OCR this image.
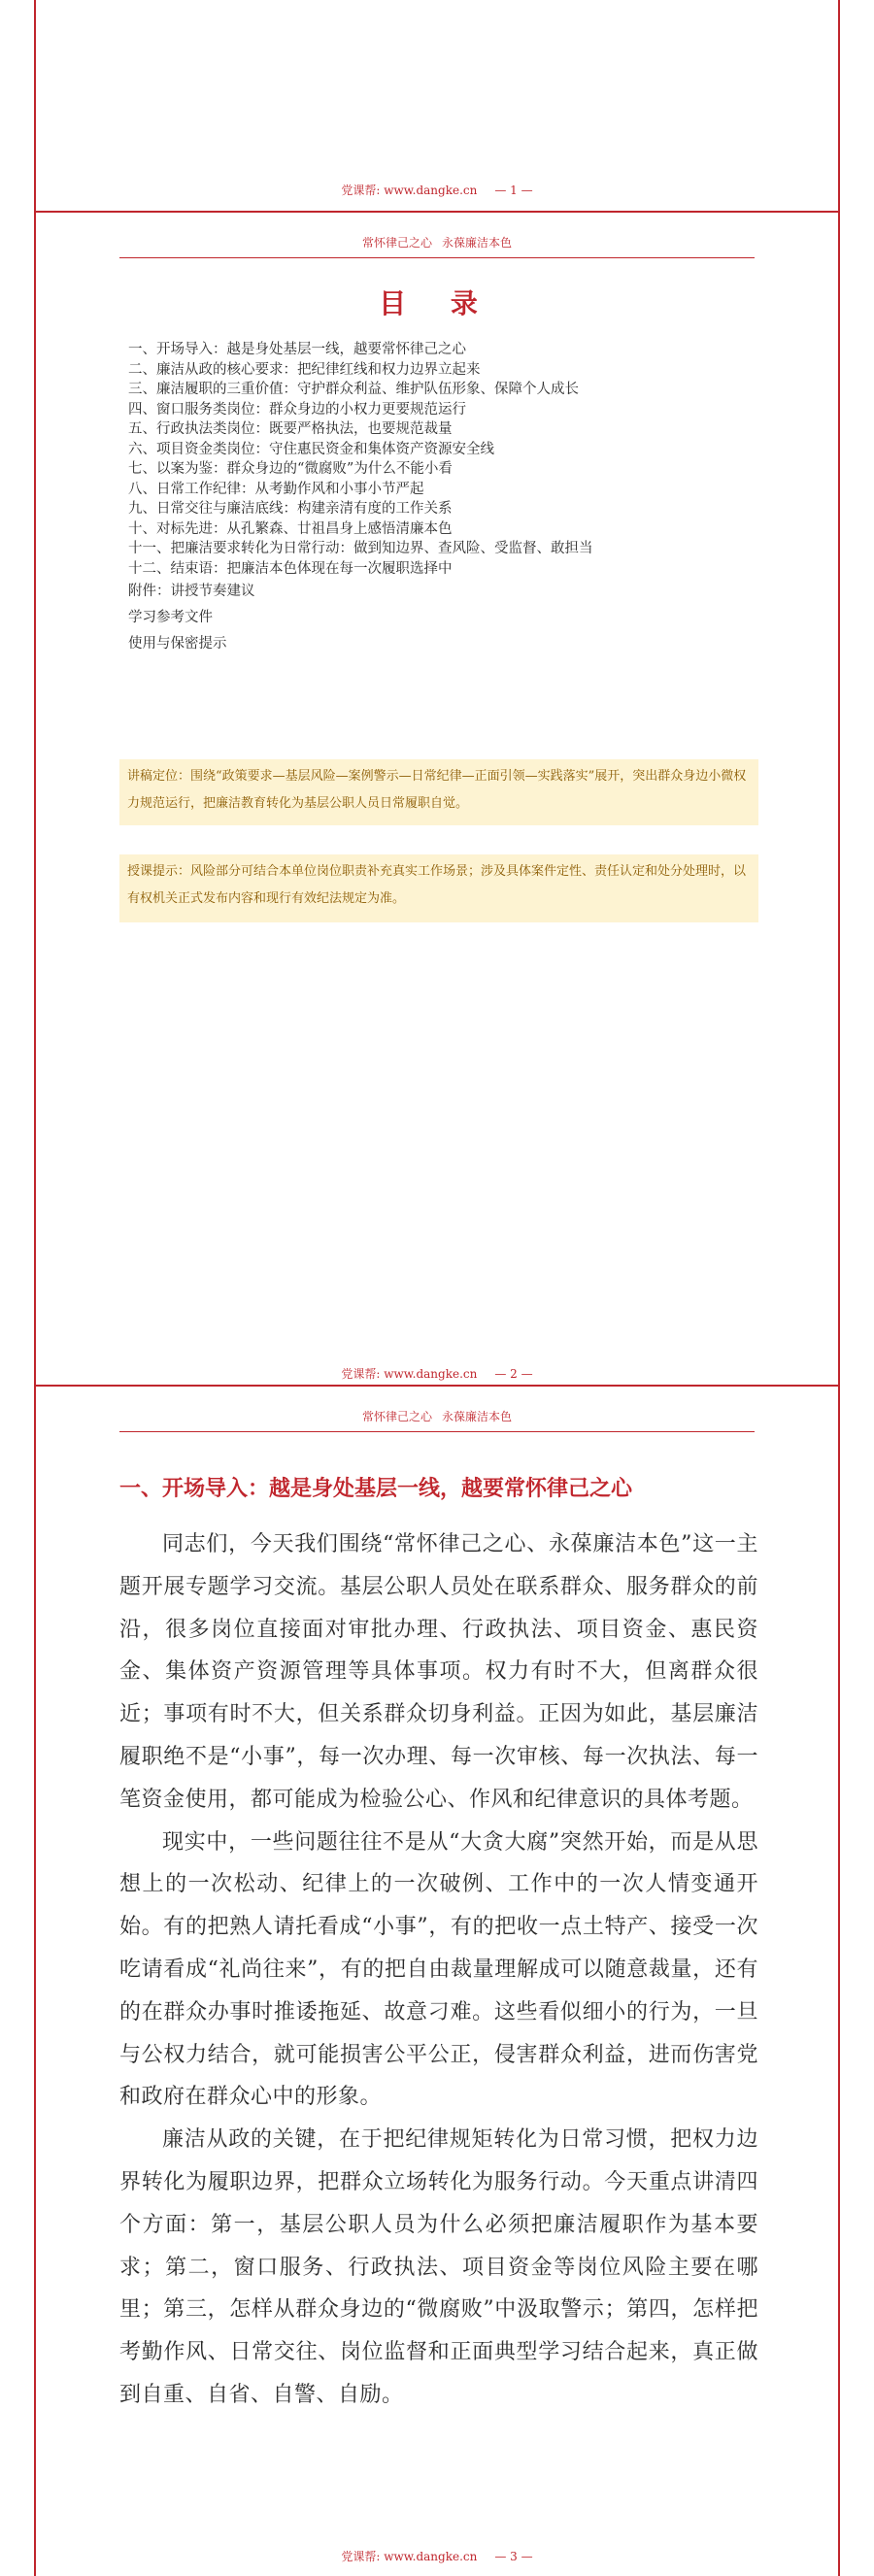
党课帮: www.dangke.cn — 1 —
常怀律己之心 永葆廉洁本色
目 录
一、开场导入：越是身处基层一线，越要常怀律己之心
二、廉洁从政的核心要求：把纪律红线和权力边界立起来
三、廉洁履职的三重价值：守护群众利益、维护队伍形象、保障个人成长
四、窗口服务类岗位：群众身边的小权力更要规范运行
五、行政执法类岗位：既要严格执法，也要规范裁量
六、项目资金类岗位：守住惠民资金和集体资产资源安全线
七、以案为鉴：群众身边的“微腐败”为什么不能小看
八、日常工作纪律：从考勤作风和小事小节严起
九、日常交往与廉洁底线：构建亲清有度的工作关系
十、对标先进：从孔繁森、廿祖昌身上感悟清廉本色
十一、把廉洁要求转化为日常行动：做到知边界、查风险、受监督、敢担当
十二、结束语：把廉洁本色体现在每一次履职选择中
附件：讲授节奏建议
学习参考文件
使用与保密提示
讲稿定位：围绕“政策要求—基层风险—案例警示—日常纪律—正面引领—实践落实”展开，突出群众身边小微权力规范运行，把廉洁教育转化为基层公职人员日常履职自觉。
授课提示：风险部分可结合本单位岗位职责补充真实工作场景；涉及具体案件定性、责任认定和处分处理时，以有权机关正式发布内容和现行有效纪法规定为准。
党课帮: www.dangke.cn — 2 —
常怀律己之心 永葆廉洁本色
一、开场导入：越是身处基层一线，越要常怀律己之心

同志们，今天我们围绕“常怀律己之心、永葆廉洁本色”这一主题开展专题学习交流。基层公职人员处在联系群众、服务群众的前沿，很多岗位直接面对审批办理、行政执法、项目资金、惠民资金、集体资产资源管理等具体事项。权力有时不大，但离群众很近；事项有时不大，但关系群众切身利益。正因为如此，基层廉洁履职绝不是“小事”，每一次办理、每一次审核、每一次执法、每一笔资金使用，都可能成为检验公心、作风和纪律意识的具体考题。

现实中，一些问题往往不是从“大贪大腐”突然开始，而是从思想上的一次松动、纪律上的一次破例、工作中的一次人情变通开始。有的把熟人请托看成“小事”，有的把收一点土特产、接受一次吃请看成“礼尚往来”，有的把自由裁量理解成可以随意裁量，还有的在群众办事时推诿拖延、故意刁难。这些看似细小的行为，一旦与公权力结合，就可能损害公平公正，侵害群众利益，进而伤害党和政府在群众心中的形象。

廉洁从政的关键，在于把纪律规矩转化为日常习惯，把权力边界转化为履职边界，把群众立场转化为服务行动。今天重点讲清四个方面：第一，基层公职人员为什么必须把廉洁履职作为基本要求；第二，窗口服务、行政执法、项目资金等岗位风险主要在哪里；第三，怎样从群众身边的“微腐败”中汲取警示；第四，怎样把考勤作风、日常交往、岗位监督和正面典型学习结合起来，真正做到自重、自省、自警、自励。

党课帮: www.dangke.cn — 3 —
